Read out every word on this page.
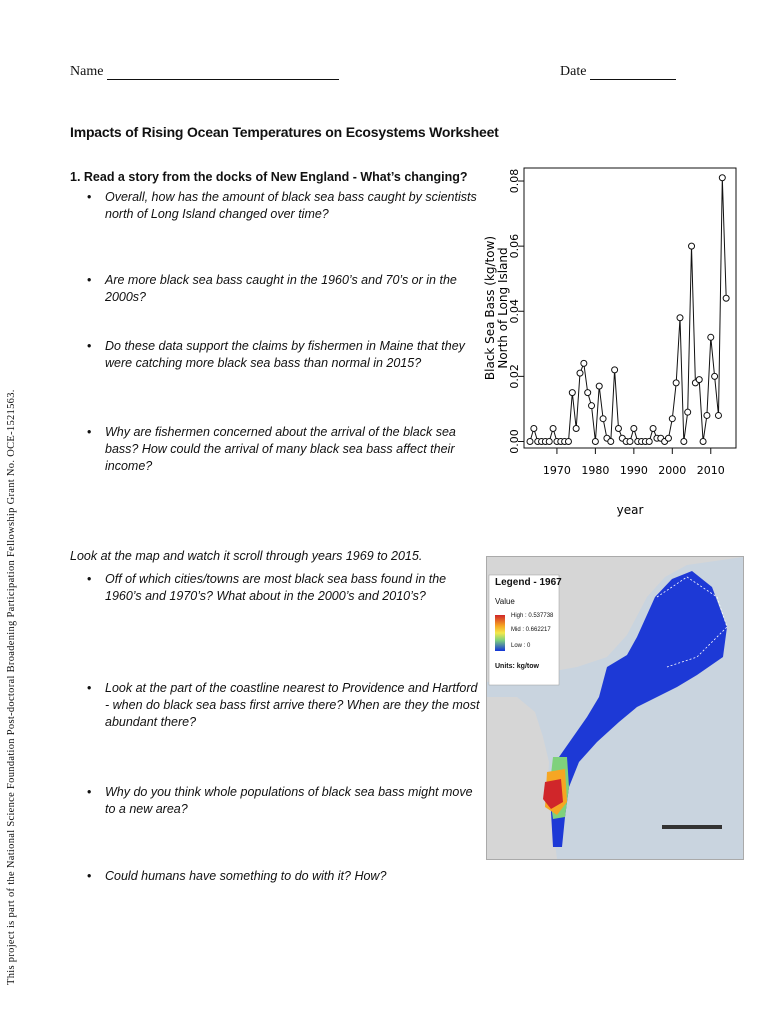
Name	Date
This project is part of the National Science Foundation Post-doctoral Broadening Participation Fellowship Grant No. OCE-1521563.
Impacts of Rising Ocean Temperatures on Ecosystems Worksheet
1. Read a story from the docks of New England - What’s changing?
• Overall, how has the amount of black sea bass caught by scientists north of Long Island changed over time?
• Are more black sea bass caught in the 1960’s and 70’s or in the 2000s?
• Do these data support the claims by fishermen in Maine that they were catching more black sea bass than normal in 2015?
• Why are fishermen concerned about the arrival of the black sea bass? How could the arrival of many black sea bass affect their income?
0.00
0.02
0.04
0.06
0.08
1970 1980 1990 2000 2010
year
Black Sea Bass (kg/tow) North of Long Island
Look at the map and watch it scroll through years 1969 to 2015.
• Off of which cities/towns are most black sea bass found in the 1960’s and 1970’s? What about in the 2000’s and 2010’s?
• Look at the part of the coastline nearest to Providence and Hartford - when do black sea bass first arrive there? When are they the most abundant there?
• Why do you think whole populations of black sea bass might move to a new area?
• Could humans have something to do with it? How?
Legend - 1967
Value
High : 0.537738
Mid : 0.662217
Low : 0
Units: kg/tow
